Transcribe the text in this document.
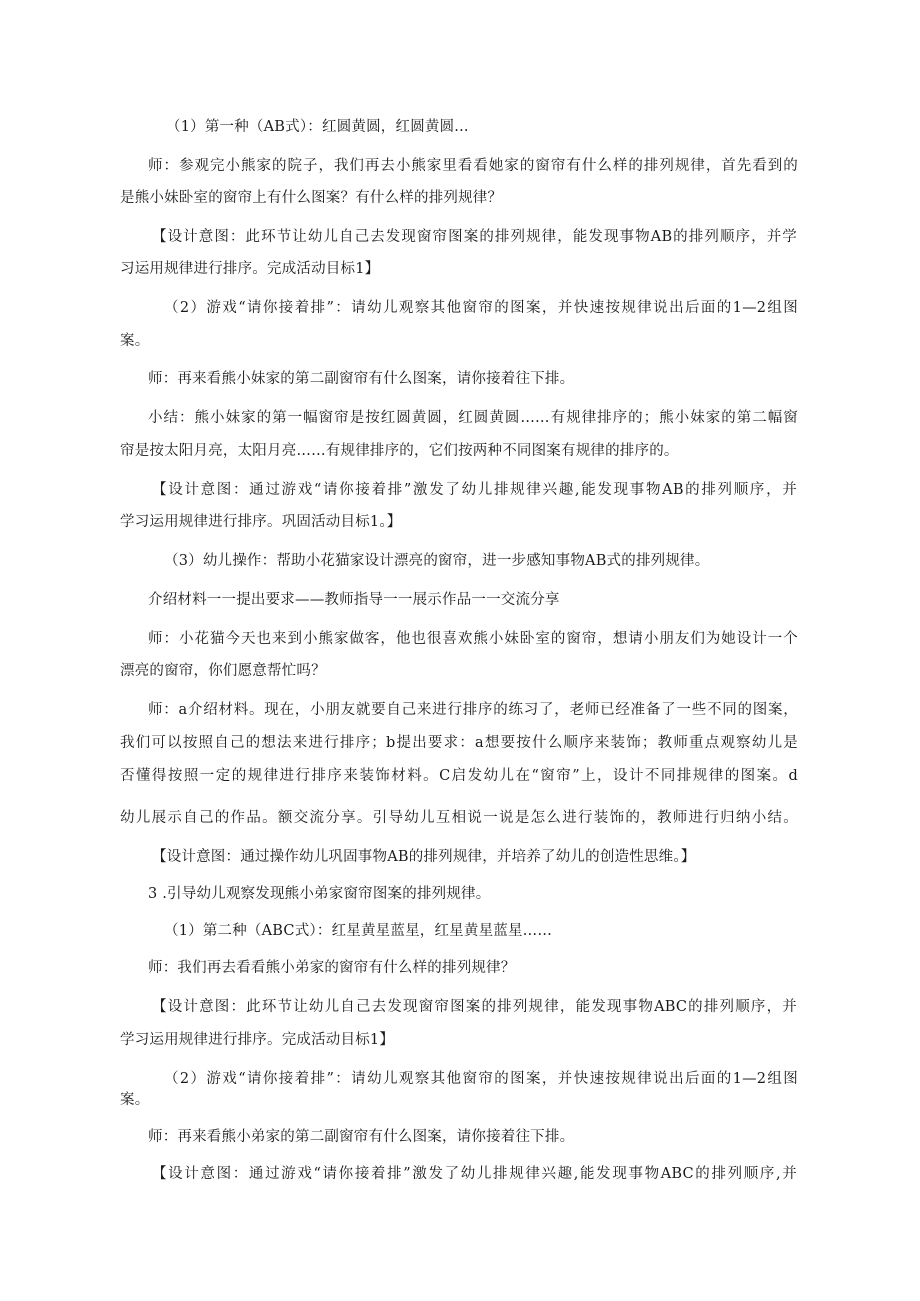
（1）第一种（AB式）：红圆黄圆，红圆黄圆...
师：参观完小熊家的院子，我们再去小熊家里看看她家的窗帘有什么样的排列规律，首先看到的
是熊小妹卧室的窗帘上有什么图案？有什么样的排列规律？
【设计意图：此环节让幼儿自己去发现窗帘图案的排列规律，能发现事物AB的排列顺序，并学
习运用规律进行排序。完成活动目标1】
（2）游戏“请你接着排”：请幼儿观察其他窗帘的图案，并快速按规律说出后面的1—2组图
案。
师：再来看熊小妹家的第二副窗帘有什么图案，请你接着往下排。
小结：熊小妹家的第一幅窗帘是按红圆黄圆，红圆黄圆……有规律排序的；熊小妹家的第二幅窗
帘是按太阳月亮，太阳月亮……有规律排序的，它们按两种不同图案有规律的排序的。
【设计意图：通过游戏“请你接着排”激发了幼儿排规律兴趣,能发现事物AB的排列顺序，并
学习运用规律进行排序。巩固活动目标1。】
（3）幼儿操作：帮助小花猫家设计漂亮的窗帘，进一步感知事物AB式的排列规律。
介绍材料一一提出要求——教师指导一一展示作品一一交流分享
师：小花猫今天也来到小熊家做客，他也很喜欢熊小妹卧室的窗帘，想请小朋友们为她设计一个
漂亮的窗帘，你们愿意帮忙吗？
师：a介绍材料。现在，小朋友就要自己来进行排序的练习了，老师已经准备了一些不同的图案，
我们可以按照自己的想法来进行排序；b提出要求：a想要按什么顺序来装饰；教师重点观察幼儿是
否懂得按照一定的规律进行排序来装饰材料。C启发幼儿在“窗帘”上，设计不同排规律的图案。d
幼儿展示自己的作品。额交流分享。引导幼儿互相说一说是怎么进行装饰的，教师进行归纳小结。
【设计意图：通过操作幼儿巩固事物AB的排列规律，并培养了幼儿的创造性思维。】
3 .引导幼儿观察发现熊小弟家窗帘图案的排列规律。
（1）第二种（ABC式）：红星黄星蓝星，红星黄星蓝星……
师：我们再去看看熊小弟家的窗帘有什么样的排列规律？
【设计意图：此环节让幼儿自己去发现窗帘图案的排列规律，能发现事物ABC的排列顺序，并
学习运用规律进行排序。完成活动目标1】
（2）游戏“请你接着排”：请幼儿观察其他窗帘的图案，并快速按规律说出后面的1—2组图
案。
师：再来看熊小弟家的第二副窗帘有什么图案，请你接着往下排。
【设计意图：通过游戏“请你接着排”激发了幼儿排规律兴趣,能发现事物ABC的排列顺序,并
